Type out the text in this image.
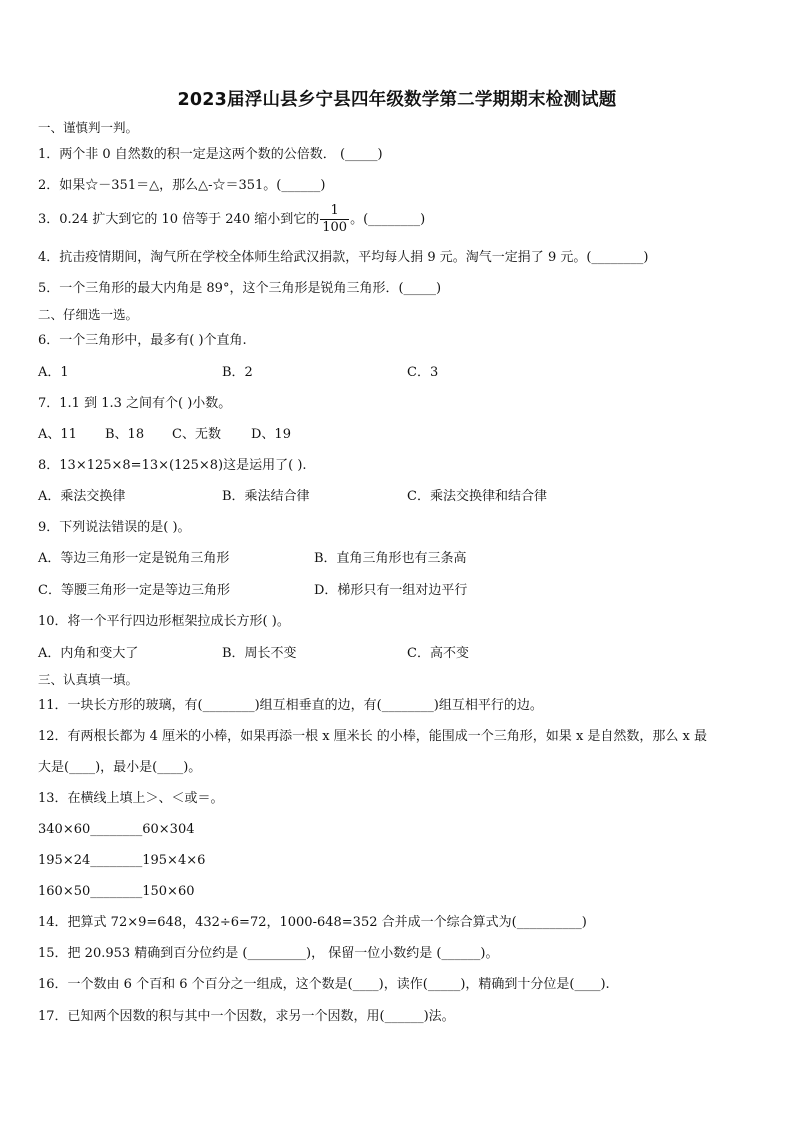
2023届浮山县乡宁县四年级数学第二学期期末检测试题
一、谨慎判一判。
1．两个非 0 自然数的积一定是这两个数的公倍数． (_____)
2．如果☆－351＝△，那么△-☆＝351。(______)
3．0.24 扩大到它的 10 倍等于 240 缩小到它的 $\frac{1}{100}$ 。(________)
4．抗击疫情期间，淘气所在学校全体师生给武汉捐款，平均每人捐 9 元。淘气一定捐了 9 元。(________)
5．一个三角形的最大内角是 89°，这个三角形是锐角三角形．(_____)
二、仔细选一选。
6．一个三角形中，最多有( )个直角.
A．1	B．2	C．3
7．1.1 到 1.3 之间有个( )小数。
A、11 B、18 C、无数 D、19
8．13×125×8=13×(125×8)这是运用了( ).
A．乘法交换律	B．乘法结合律	C．乘法交换律和结合律
9．下列说法错误的是( )。
A．等边三角形一定是锐角三角形	B．直角三角形也有三条高
C．等腰三角形一定是等边三角形	D．梯形只有一组对边平行
10．将一个平行四边形框架拉成长方形( )。
A．内角和变大了	B．周长不变	C．高不变
三、认真填一填。
11．一块长方形的玻璃，有(________)组互相垂直的边，有(________)组互相平行的边。
12．有两根长都为 4 厘米的小棒，如果再添一根 x 厘米长 的小棒，能围成一个三角形，如果 x 是自然数，那么 x 最
大是(____)，最小是(____)。
13．在横线上填上＞、＜或＝。
340×60________60×304
195×24________195×4×6
160×50________150×60
14．把算式 72×9=648，432÷6=72，1000-648=352 合并成一个综合算式为(__________)
15．把 20.953 精确到百分位约是 (_________)， 保留一位小数约是 (______)。
16．一个数由 6 个百和 6 个百分之一组成，这个数是(____)，读作(_____)，精确到十分位是(____).
17．已知两个因数的积与其中一个因数，求另一个因数，用(______)法。
